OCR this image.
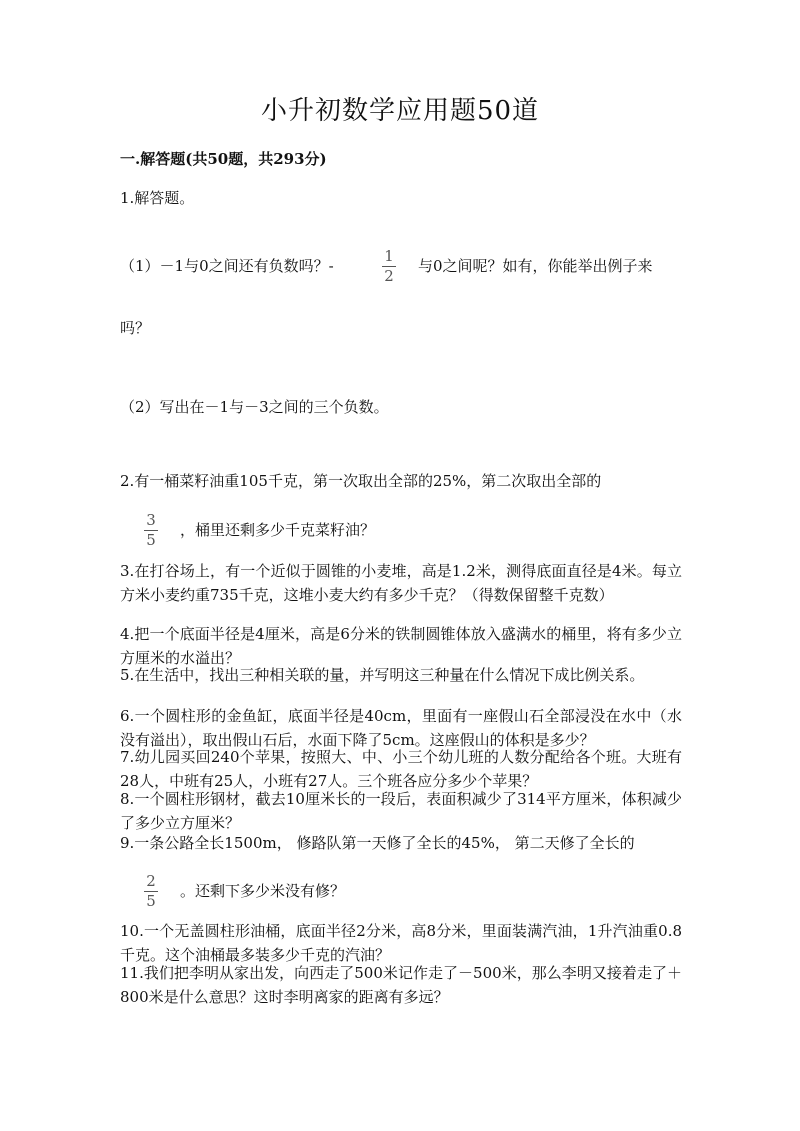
小升初数学应用题50道
一.解答题(共50题，共293分)
1.解答题。
（1）－1与0之间还有负数吗？-
1
2
与0之间呢？如有，你能举出例子来
吗？
（2）写出在－1与－3之间的三个负数。
2.有一桶菜籽油重105千克，第一次取出全部的25%，第二次取出全部的
3
5
，桶里还剩多少千克菜籽油？
3.在打谷场上，有一个近似于圆锥的小麦堆，高是1.2米，测得底面直径是4米。每立方米小麦约重735千克，这堆小麦大约有多少千克？（得数保留整千克数）
4.把一个底面半径是4厘米，高是6分米的铁制圆锥体放入盛满水的桶里，将有多少立方厘米的水溢出？
5.在生活中，找出三种相关联的量，并写明这三种量在什么情况下成比例关系。
6.一个圆柱形的金鱼缸，底面半径是40cm，里面有一座假山石全部浸没在水中（水没有溢出），取出假山石后，水面下降了5cm。这座假山的体积是多少？
7.幼儿园买回240个苹果，按照大、中、小三个幼儿班的人数分配给各个班。大班有28人，中班有25人，小班有27人。三个班各应分多少个苹果？
8.一个圆柱形钢材，截去10厘米长的一段后，表面积减少了314平方厘米，体积减少了多少立方厘米？
9.一条公路全长1500m， 修路队第一天修了全长的45%， 第二天修了全长的
2
5
。还剩下多少米没有修？
10.一个无盖圆柱形油桶，底面半径2分米，高8分米，里面装满汽油，1升汽油重0.8千克。这个油桶最多装多少千克的汽油？
11.我们把李明从家出发，向西走了500米记作走了－500米，那么李明又接着走了＋800米是什么意思？这时李明离家的距离有多远？
